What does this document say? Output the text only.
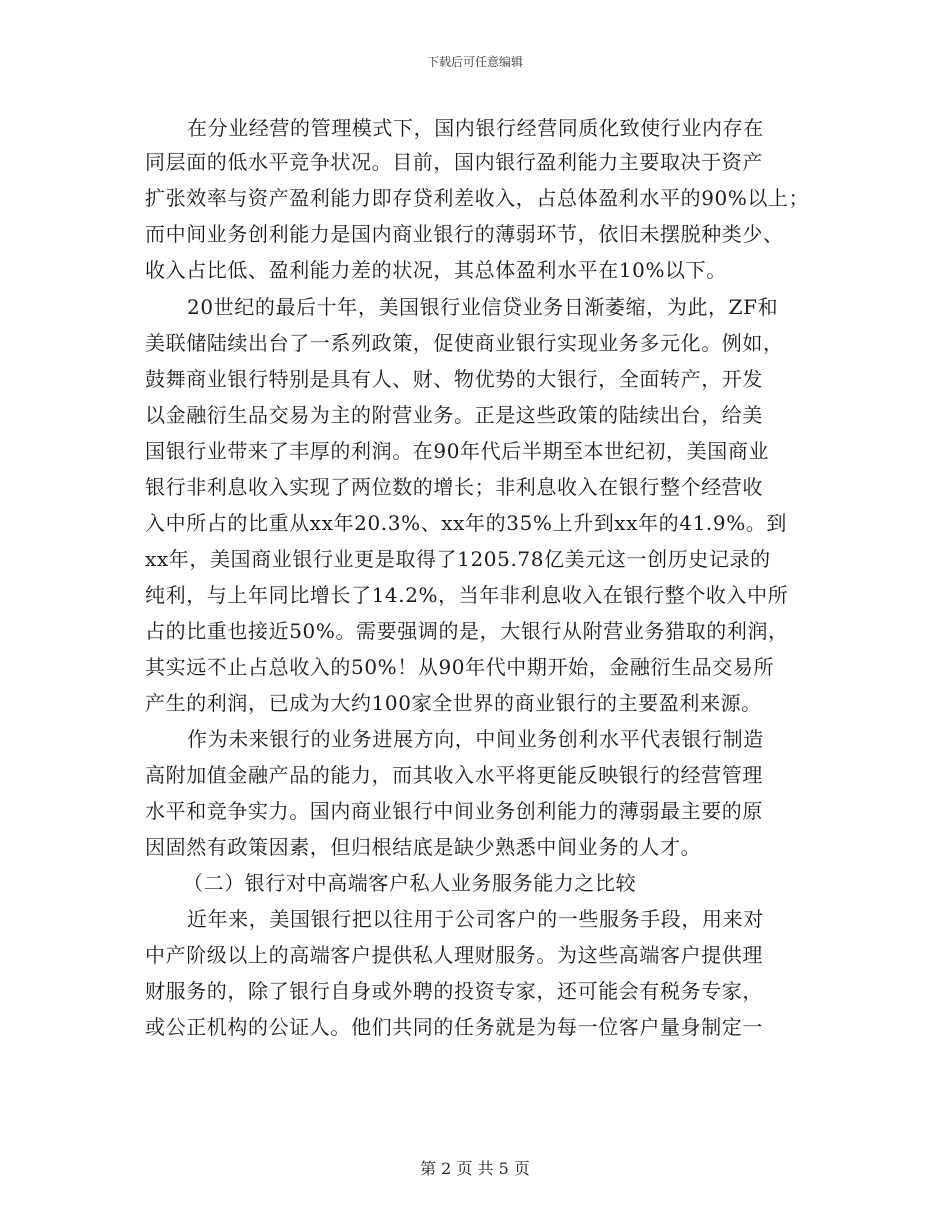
下载后可任意编辑
在分业经营的管理模式下，国内银行经营同质化致使行业内存在
同层面的低水平竞争状况。目前，国内银行盈利能力主要取决于资产
扩张效率与资产盈利能力即存贷利差收入，占总体盈利水平的90%以上；
而中间业务创利能力是国内商业银行的薄弱环节，依旧未摆脱种类少、
收入占比低、盈利能力差的状况，其总体盈利水平在10%以下。
20世纪的最后十年，美国银行业信贷业务日渐萎缩，为此，ZF和
美联储陆续出台了一系列政策，促使商业银行实现业务多元化。例如，
鼓舞商业银行特别是具有人、财、物优势的大银行，全面转产，开发
以金融衍生品交易为主的附营业务。正是这些政策的陆续出台，给美
国银行业带来了丰厚的利润。在90年代后半期至本世纪初，美国商业
银行非利息收入实现了两位数的增长；非利息收入在银行整个经营收
入中所占的比重从xx年20.3%、xx年的35%上升到xx年的41.9%。到
xx年，美国商业银行业更是取得了1205.78亿美元这一创历史记录的
纯利，与上年同比增长了14.2%，当年非利息收入在银行整个收入中所
占的比重也接近50%。需要强调的是，大银行从附营业务猎取的利润，
其实远不止占总收入的50%！从90年代中期开始，金融衍生品交易所
产生的利润，已成为大约100家全世界的商业银行的主要盈利来源。
作为未来银行的业务进展方向，中间业务创利水平代表银行制造
高附加值金融产品的能力，而其收入水平将更能反映银行的经营管理
水平和竞争实力。国内商业银行中间业务创利能力的薄弱最主要的原
因固然有政策因素，但归根结底是缺少熟悉中间业务的人才。
（二）银行对中高端客户私人业务服务能力之比较
近年来，美国银行把以往用于公司客户的一些服务手段，用来对
中产阶级以上的高端客户提供私人理财服务。为这些高端客户提供理
财服务的，除了银行自身或外聘的投资专家，还可能会有税务专家，
或公正机构的公证人。他们共同的任务就是为每一位客户量身制定一
第 2 页 共 5 页
